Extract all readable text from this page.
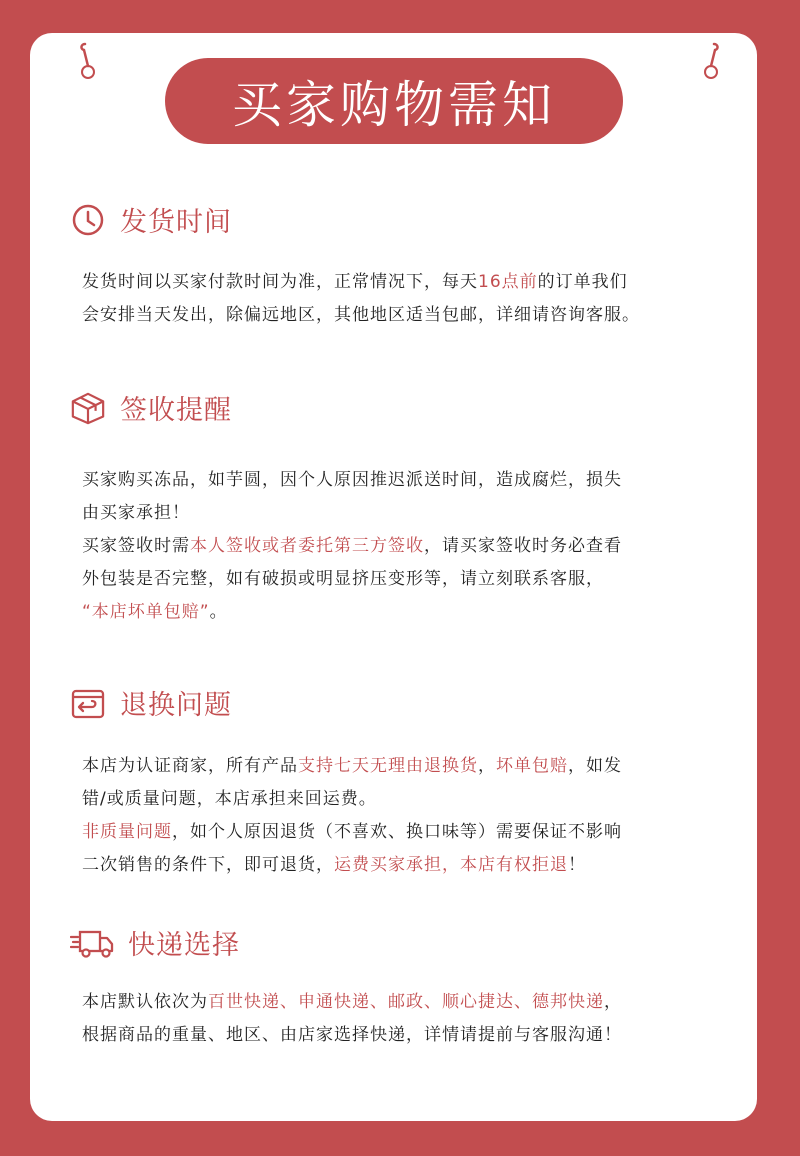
买家购物需知
发货时间
发货时间以买家付款时间为准，正常情况下，每天16点前的订单我们
会安排当天发出，除偏远地区，其他地区适当包邮，详细请咨询客服。
签收提醒
买家购买冻品，如芋圆，因个人原因推迟派送时间，造成腐烂，损失
由买家承担！
买家签收时需本人签收或者委托第三方签收，请买家签收时务必查看
外包装是否完整，如有破损或明显挤压变形等，请立刻联系客服，
“本店坏单包赔”。
退换问题
本店为认证商家，所有产品支持七天无理由退换货，坏单包赔，如发
错/或质量问题，本店承担来回运费。
非质量问题，如个人原因退货（不喜欢、换口味等）需要保证不影响
二次销售的条件下，即可退货，运费买家承担，本店有权拒退！
快递选择
本店默认依次为百世快递、申通快递、邮政、顺心捷达、德邦快递，
根据商品的重量、地区、由店家选择快递，详情请提前与客服沟通！
